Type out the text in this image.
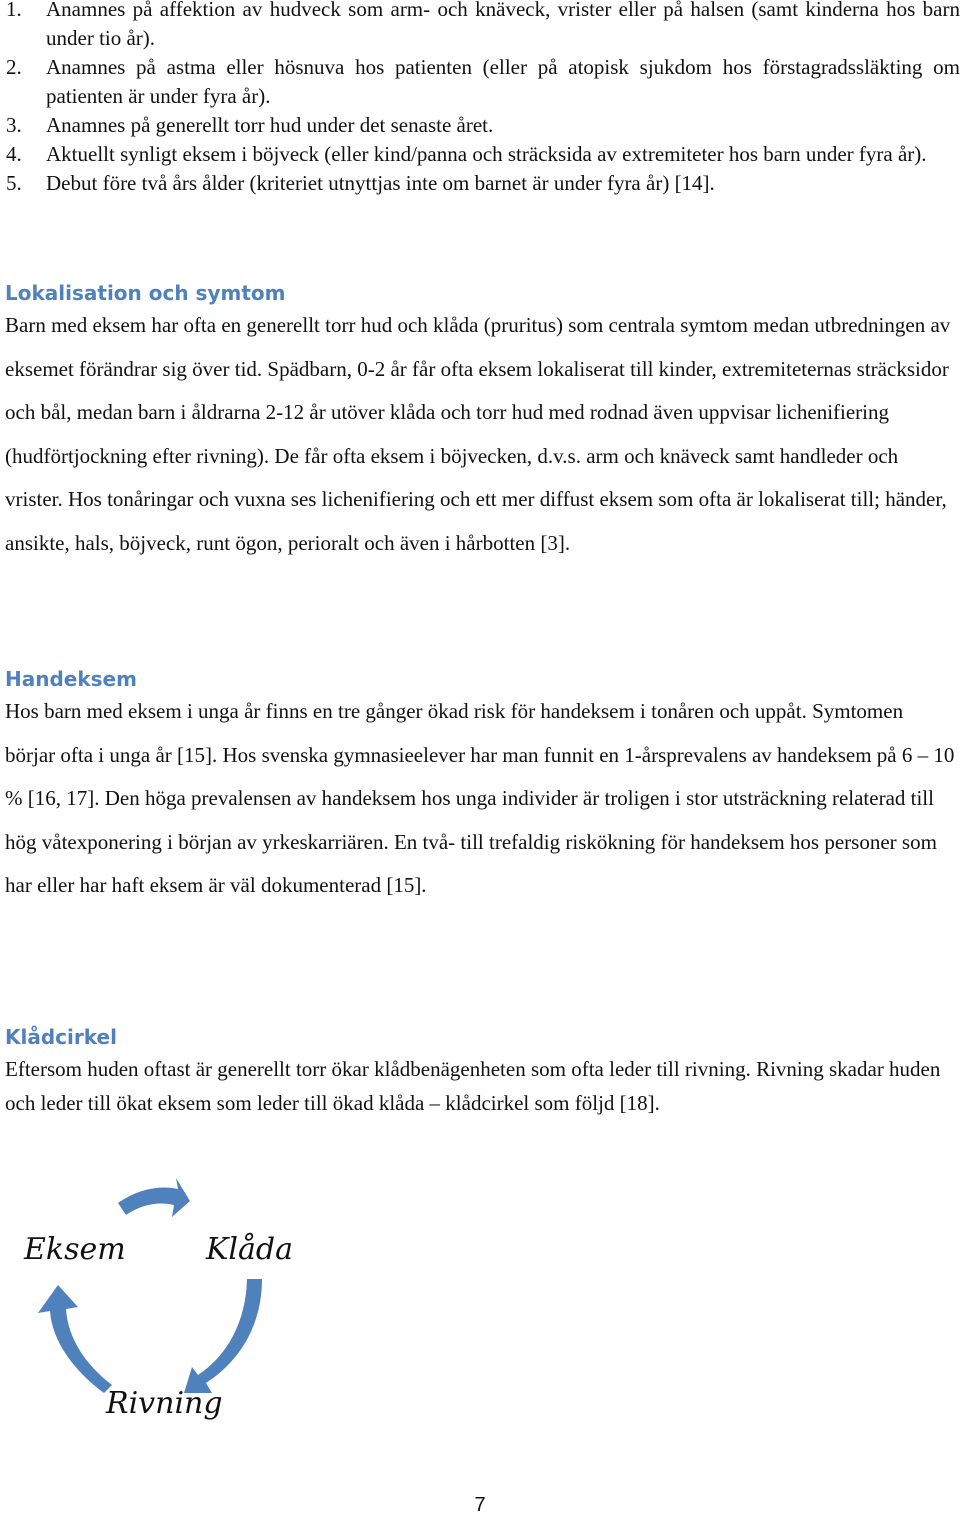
1. Anamnes på affektion av hudveck som arm- och knäveck, vrister eller på halsen (samt kinderna hos barn under tio år).
2. Anamnes på astma eller hösnuva hos patienten (eller på atopisk sjukdom hos förstagradssläkting om patienten är under fyra år).
3. Anamnes på generellt torr hud under det senaste året.
4. Aktuellt synligt eksem i böjveck (eller kind/panna och sträcksida av extremiteter hos barn under fyra år).
5. Debut före två års ålder (kriteriet utnyttjas inte om barnet är under fyra år) [14].
Lokalisation och symtom

Barn med eksem har ofta en generellt torr hud och klåda (pruritus) som centrala symtom medan utbredningen av eksemet förändrar sig över tid. Spädbarn, 0-2 år får ofta eksem lokaliserat till kinder, extremiteternas sträcksidor och bål, medan barn i åldrarna 2-12 år utöver klåda och torr hud med rodnad även uppvisar lichenifiering (hudförtjockning efter rivning). De får ofta eksem i böjvecken, d.v.s. arm och knäveck samt handleder och vrister. Hos tonåringar och vuxna ses lichenifiering och ett mer diffust eksem som ofta är lokaliserat till; händer, ansikte, hals, böjveck, runt ögon, perioralt och även i hårbotten [3].

Handeksem

Hos barn med eksem i unga år finns en tre gånger ökad risk för handeksem i tonåren och uppåt. Symtomen börjar ofta i unga år [15]. Hos svenska gymnasieelever har man funnit en 1-årsprevalens av handeksem på 6 – 10 % [16, 17]. Den höga prevalensen av handeksem hos unga individer är troligen i stor utsträckning relaterad till hög våtexponering i början av yrkeskarriären. En två- till trefaldig riskökning för handeksem hos personer som har eller har haft eksem är väl dokumenterad [15].

Klådcirkel

Eftersom huden oftast är generellt torr ökar klådbenägenheten som ofta leder till rivning. Rivning skadar huden och leder till ökat eksem som leder till ökad klåda – klådcirkel som följd [18].

Eksem	Klåda
Rivning
7
